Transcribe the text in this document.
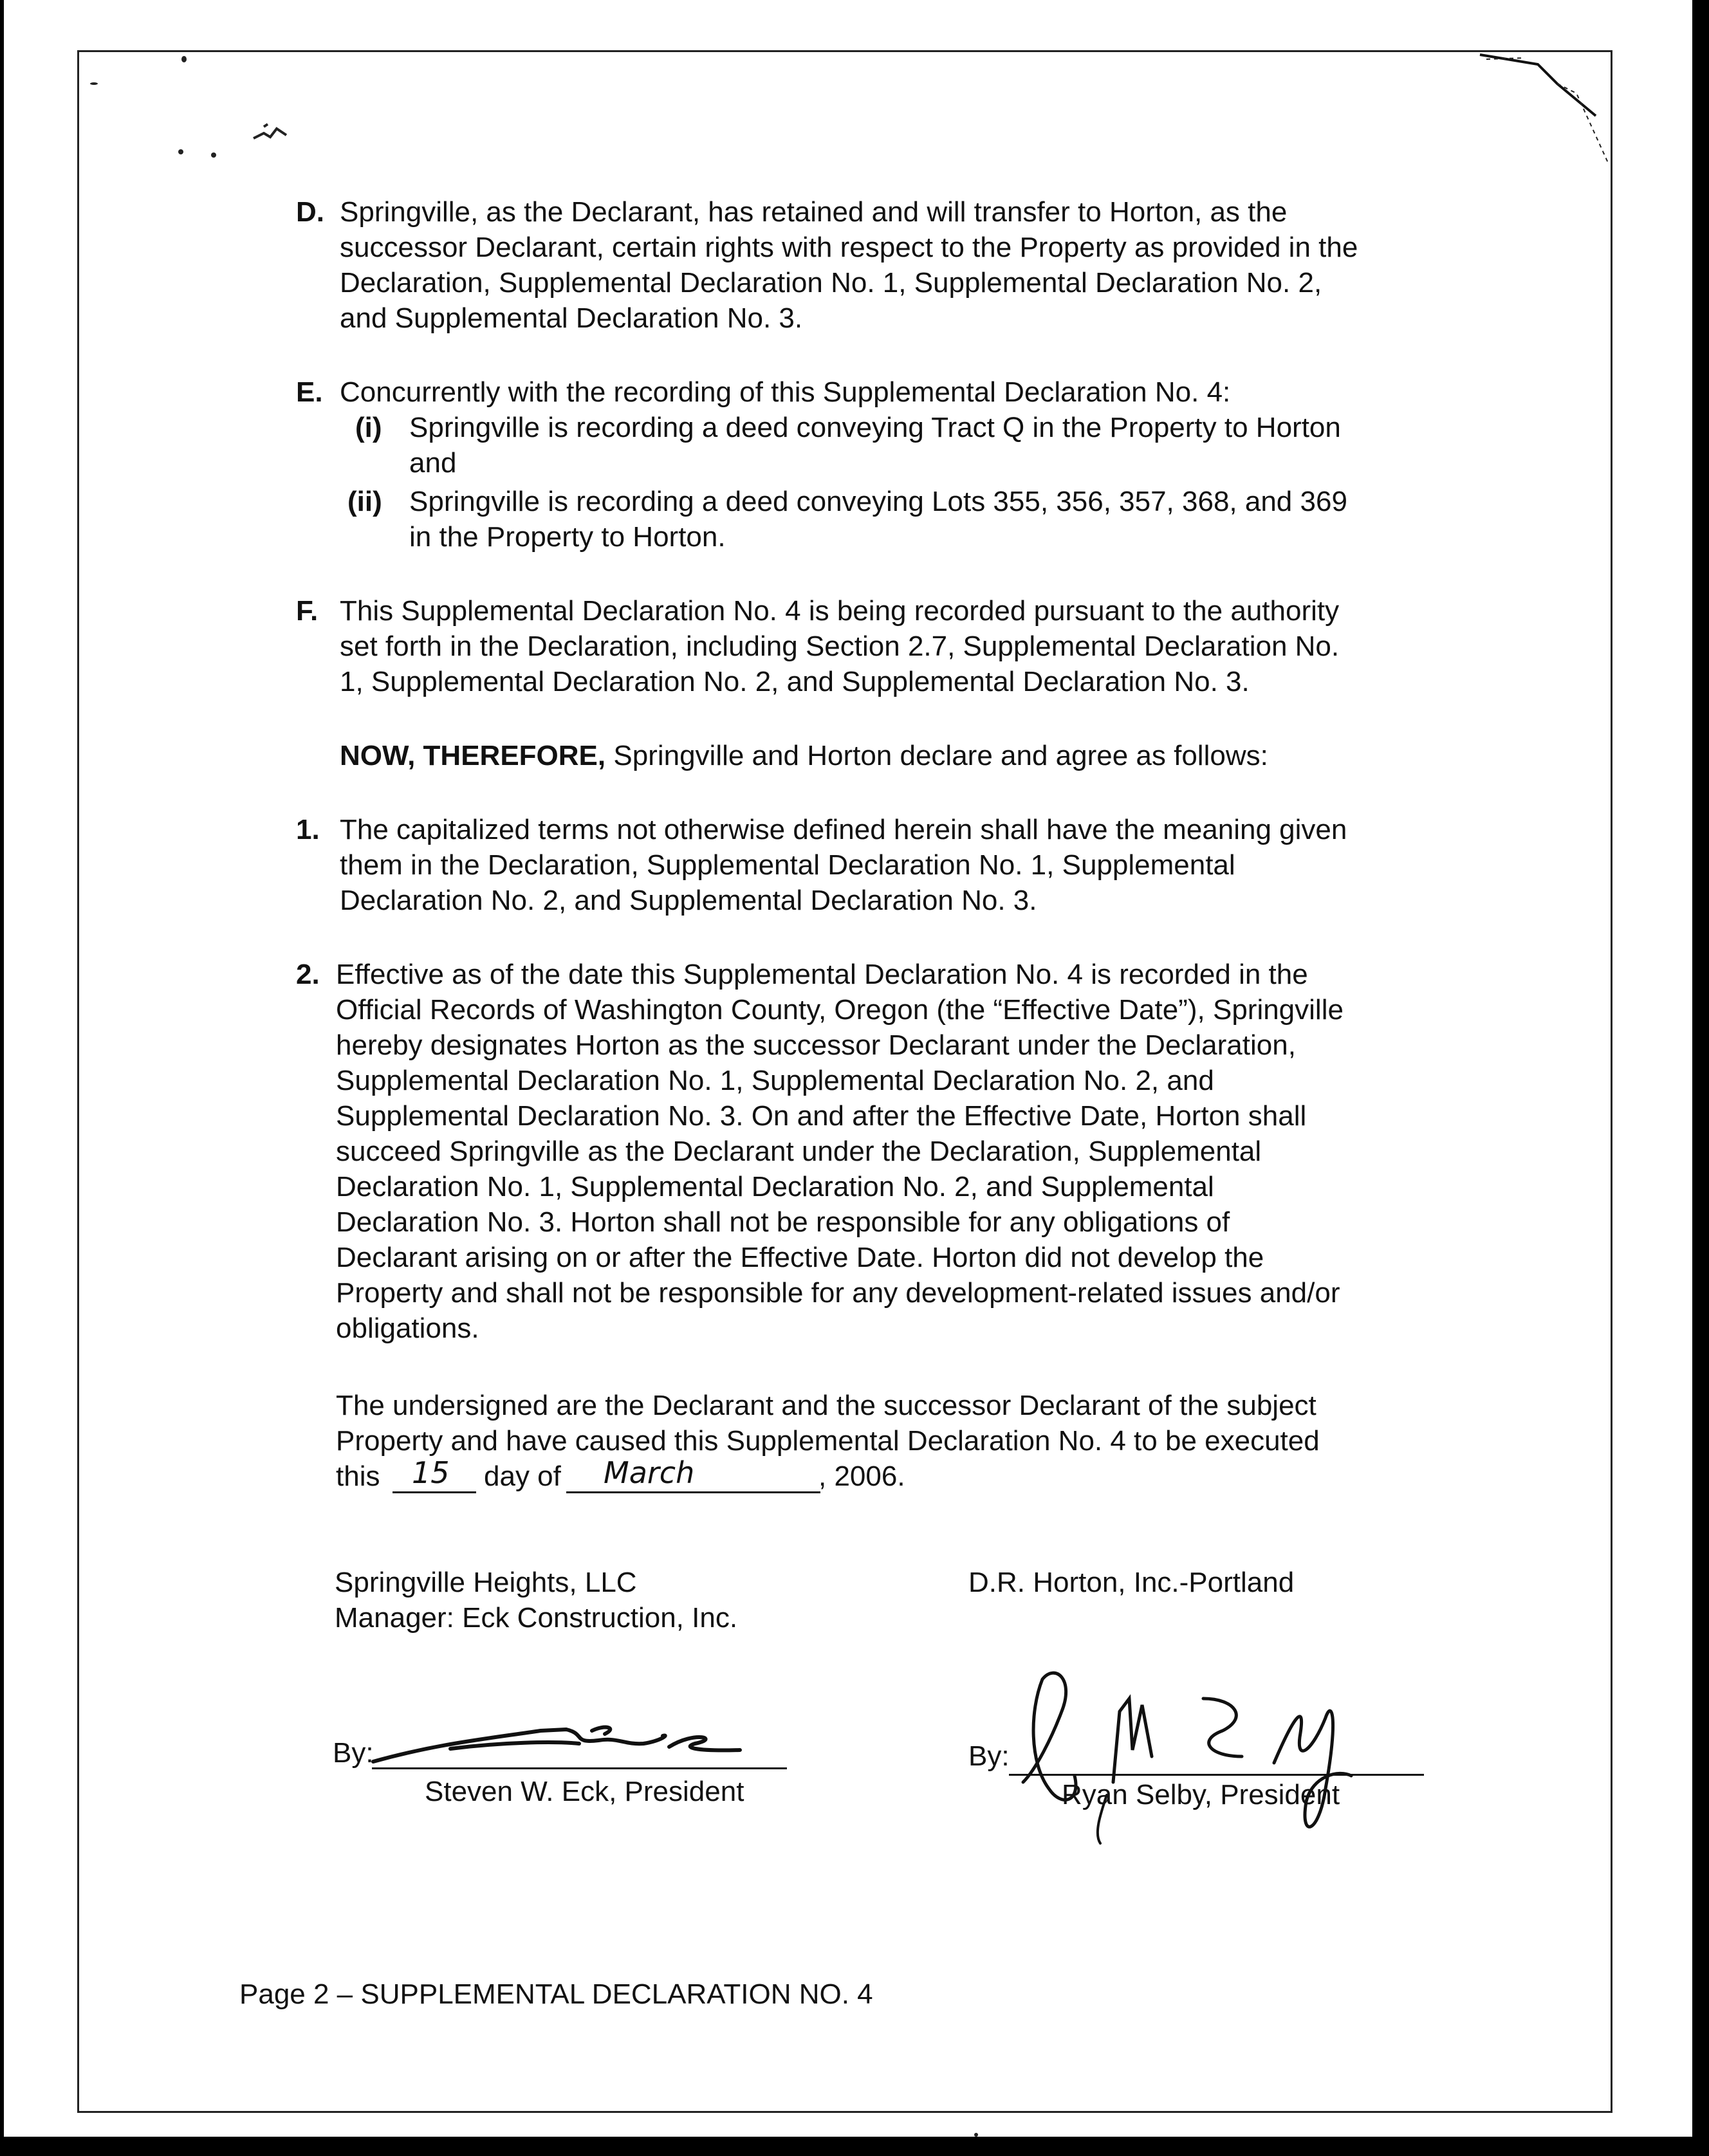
D. Springville, as the Declarant, has retained and will transfer to Horton, as the
successor Declarant, certain rights with respect to the Property as provided in the
Declaration, Supplemental Declaration No. 1, Supplemental Declaration No. 2,
and Supplemental Declaration No. 3.
E. Concurrently with the recording of this Supplemental Declaration No. 4:
(i) Springville is recording a deed conveying Tract Q in the Property to Horton
and
(ii) Springville is recording a deed conveying Lots 355, 356, 357, 368, and 369
in the Property to Horton.
F. This Supplemental Declaration No. 4 is being recorded pursuant to the authority
set forth in the Declaration, including Section 2.7, Supplemental Declaration No.
1, Supplemental Declaration No. 2, and Supplemental Declaration No. 3.
NOW, THEREFORE, Springville and Horton declare and agree as follows:
1. The capitalized terms not otherwise defined herein shall have the meaning given
them in the Declaration, Supplemental Declaration No. 1, Supplemental
Declaration No. 2, and Supplemental Declaration No. 3.
2. Effective as of the date this Supplemental Declaration No. 4 is recorded in the
Official Records of Washington County, Oregon (the “Effective Date”), Springville
hereby designates Horton as the successor Declarant under the Declaration,
Supplemental Declaration No. 1, Supplemental Declaration No. 2, and
Supplemental Declaration No. 3. On and after the Effective Date, Horton shall
succeed Springville as the Declarant under the Declaration, Supplemental
Declaration No. 1, Supplemental Declaration No. 2, and Supplemental
Declaration No. 3. Horton shall not be responsible for any obligations of
Declarant arising on or after the Effective Date. Horton did not develop the
Property and shall not be responsible for any development-related issues and/or
obligations.
The undersigned are the Declarant and the successor Declarant of the subject
Property and have caused this Supplemental Declaration No. 4 to be executed
this 15 day of March	, 2006.
Springville Heights, LLC
Manager: Eck Construction, Inc.
By:
Steven W. Eck, President
D.R. Horton, Inc.-Portland
By:
Ryan Selby, President
Page 2 – SUPPLEMENTAL DECLARATION NO. 4
